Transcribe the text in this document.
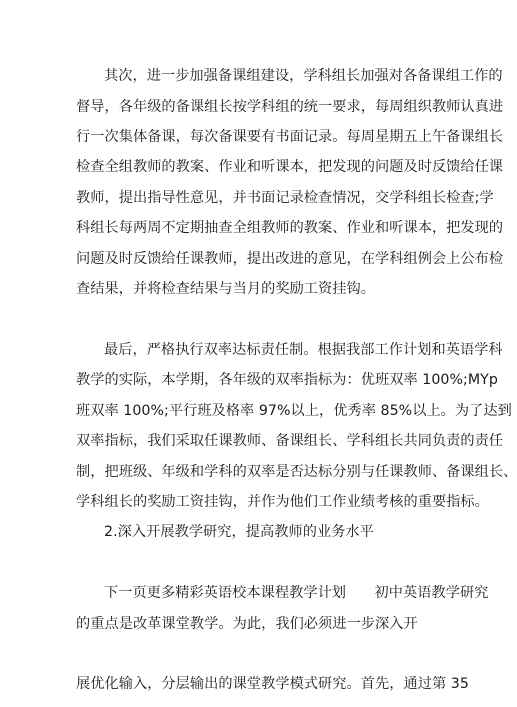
其次，进一步加强备课组建设，学科组长加强对各备课组工作的
督导，各年级的备课组长按学科组的统一要求，每周组织教师认真进
行一次集体备课，每次备课要有书面记录。每周星期五上午备课组长
检查全组教师的教案、作业和听课本，把发现的问题及时反馈给任课
教师，提出指导性意见，并书面记录检查情况，交学科组长检查;学
科组长每两周不定期抽查全组教师的教案、作业和听课本，把发现的
问题及时反馈给任课教师，提出改进的意见，在学科组例会上公布检
查结果，并将检查结果与当月的奖励工资挂钩。
最后，严格执行双率达标责任制。根据我部工作计划和英语学科
教学的实际，本学期，各年级的双率指标为：优班双率 100%;MYp
班双率 100%;平行班及格率 97%以上，优秀率 85%以上。为了达到
双率指标，我们采取任课教师、备课组长、学科组长共同负责的责任
制，把班级、年级和学科的双率是否达标分别与任课教师、备课组长、
学科组长的奖励工资挂钩，并作为他们工作业绩考核的重要指标。
2.深入开展教学研究，提高教师的业务水平
下一页更多精彩英语校本课程教学计划　　初中英语教学研究
的重点是改革课堂教学。为此，我们必须进一步深入开
展优化输入，分层输出的课堂教学模式研究。首先，通过第 35
